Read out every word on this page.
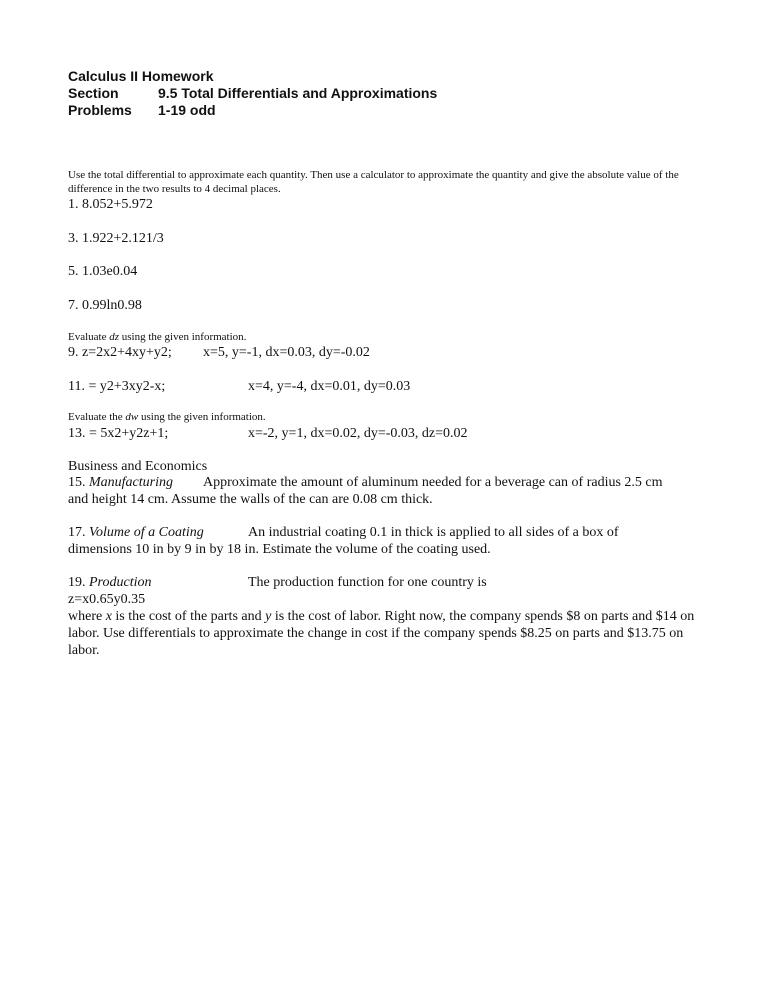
Calculus II Homework
Section	9.5 Total Differentials and Approximations
Problems 1-19 odd
Use the total differential to approximate each quantity. Then use a calculator to approximate the quantity and give the absolute value of the difference in the two results to 4 decimal places.
1. 8.052+5.972
3. 1.922+2.121/3
5. 1.03e0.04
7. 0.99ln0.98
Evaluate dz using the given information.
9. z=2x2+4xy+y2; x=5, y=-1, dx=0.03, dy=-0.02
11. = y2+3xy2-x;	x=4, y=-4, dx=0.01, dy=0.03
Evaluate the dw using the given information.
13. = 5x2+y2z+1;	x=-2, y=1, dx=0.02, dy=-0.03, dz=0.02
Business and Economics
15. Manufacturing Approximate the amount of aluminum needed for a beverage can of radius 2.5 cm
and height 14 cm. Assume the walls of the can are 0.08 cm thick.
17. Volume of a Coating	An industrial coating 0.1 in thick is applied to all sides of a box of
dimensions 10 in by 9 in by 18 in. Estimate the volume of the coating used.
19. Production	The production function for one country is
z=x0.65y0.35
where x is the cost of the parts and y is the cost of labor. Right now, the company spends $8 on parts and $14 on labor. Use differentials to approximate the change in cost if the company spends $8.25 on parts and $13.75 on labor.
